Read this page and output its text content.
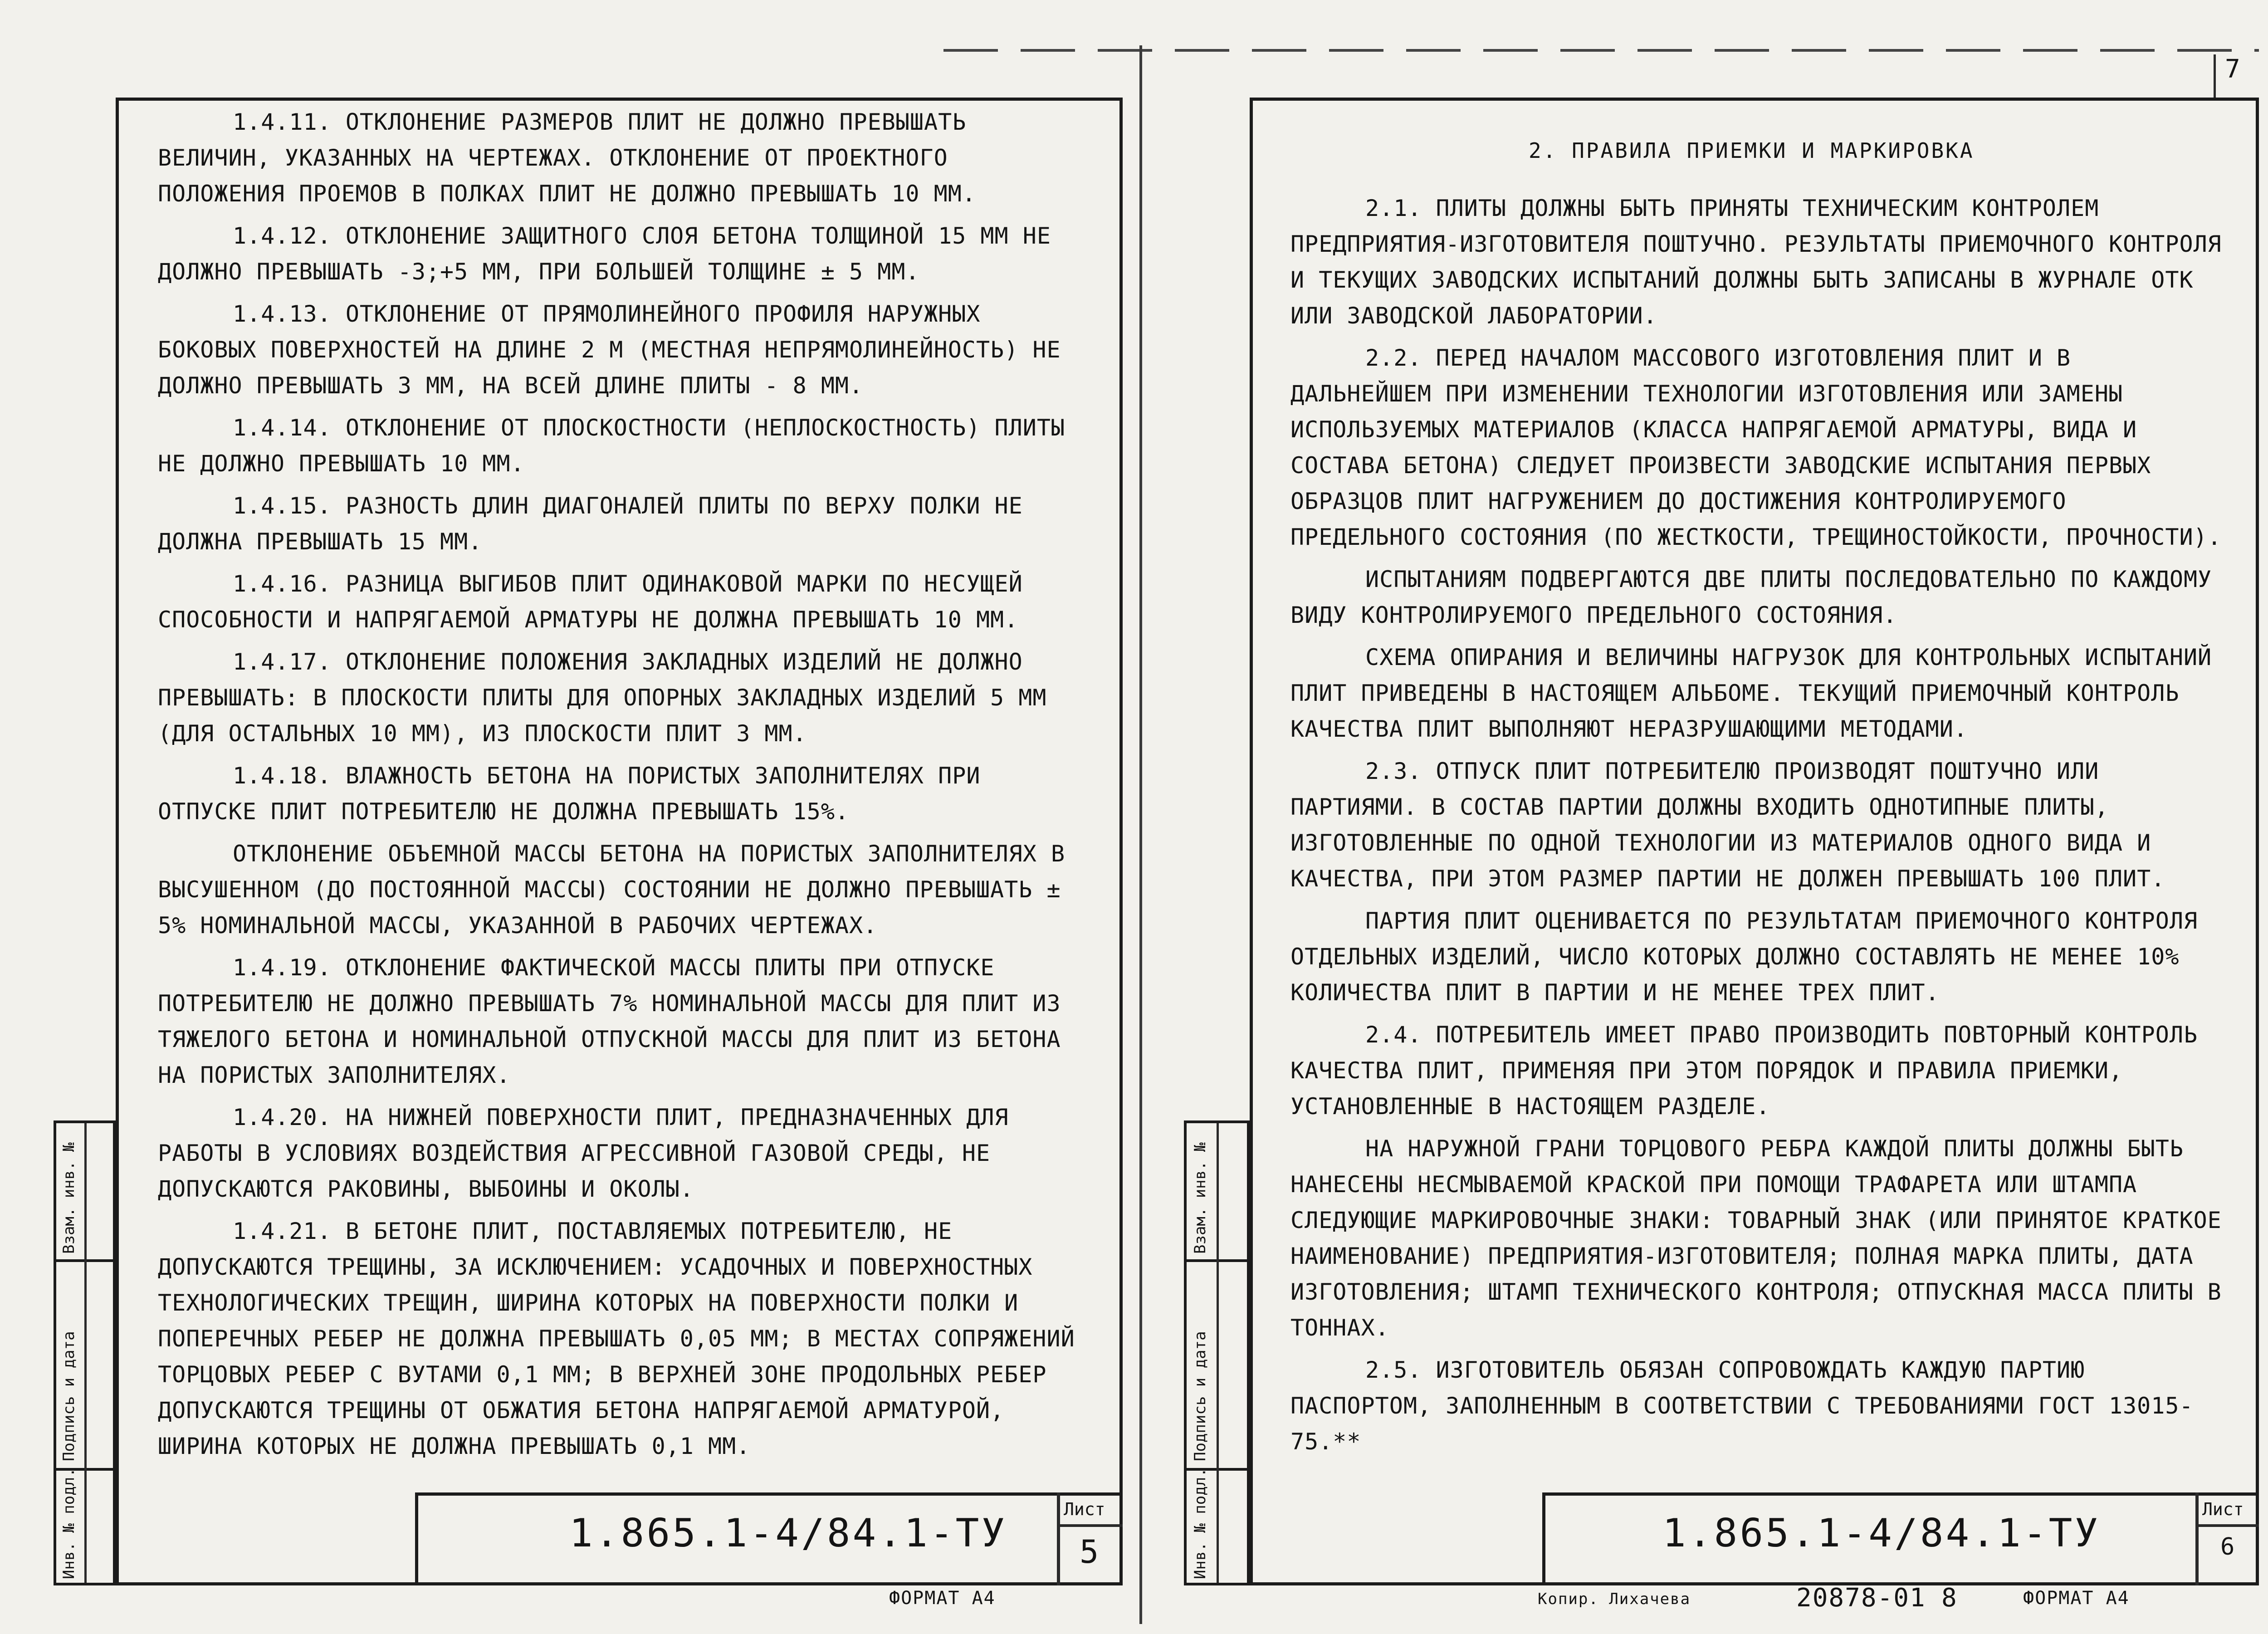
1.4.11. ОТКЛОНЕНИЕ РАЗМЕРОВ ПЛИТ НЕ ДОЛЖНО ПРЕВЫШАТЬ ВЕЛИЧИН, УКАЗАННЫХ НА ЧЕРТЕЖАХ. ОТКЛОНЕНИЕ ОТ ПРОЕКТНОГО ПОЛОЖЕНИЯ ПРОЕМОВ В ПОЛКАХ ПЛИТ НЕ ДОЛЖНО ПРЕВЫШАТЬ 10 ММ.

1.4.12. ОТКЛОНЕНИЕ ЗАЩИТНОГО СЛОЯ БЕТОНА ТОЛЩИНОЙ 15 ММ НЕ ДОЛЖНО ПРЕВЫШАТЬ -3;+5 ММ, ПРИ БОЛЬШЕЙ ТОЛЩИНЕ ± 5 ММ.

1.4.13. ОТКЛОНЕНИЕ ОТ ПРЯМОЛИНЕЙНОГО ПРОФИЛЯ НАРУЖНЫХ БОКОВЫХ ПОВЕРХНОСТЕЙ НА ДЛИНЕ 2 М (МЕСТНАЯ НЕПРЯМОЛИНЕЙНОСТЬ) НЕ ДОЛЖНО ПРЕВЫШАТЬ 3 ММ, НА ВСЕЙ ДЛИНЕ ПЛИТЫ - 8 ММ.

1.4.14. ОТКЛОНЕНИЕ ОТ ПЛОСКОСТНОСТИ (НЕПЛОСКОСТНОСТЬ) ПЛИТЫ НЕ ДОЛЖНО ПРЕВЫШАТЬ 10 ММ.

1.4.15. РАЗНОСТЬ ДЛИН ДИАГОНАЛЕЙ ПЛИТЫ ПО ВЕРХУ ПОЛКИ НЕ ДОЛЖНА ПРЕВЫШАТЬ 15 ММ.

1.4.16. РАЗНИЦА ВЫГИБОВ ПЛИТ ОДИНАКОВОЙ МАРКИ ПО НЕСУЩЕЙ СПОСОБНОСТИ И НАПРЯГАЕМОЙ АРМАТУРЫ НЕ ДОЛЖНА ПРЕВЫШАТЬ 10 ММ.

1.4.17. ОТКЛОНЕНИЕ ПОЛОЖЕНИЯ ЗАКЛАДНЫХ ИЗДЕЛИЙ НЕ ДОЛЖНО ПРЕВЫШАТЬ: В ПЛОСКОСТИ ПЛИТЫ ДЛЯ ОПОРНЫХ ЗАКЛАДНЫХ ИЗДЕЛИЙ 5 ММ (ДЛЯ ОСТАЛЬНЫХ 10 ММ), ИЗ ПЛОСКОСТИ ПЛИТ 3 ММ.

1.4.18. ВЛАЖНОСТЬ БЕТОНА НА ПОРИСТЫХ ЗАПОЛНИТЕЛЯХ ПРИ ОТПУСКЕ ПЛИТ ПОТРЕБИТЕЛЮ НЕ ДОЛЖНА ПРЕВЫШАТЬ 15%.

ОТКЛОНЕНИЕ ОБЪЕМНОЙ МАССЫ БЕТОНА НА ПОРИСТЫХ ЗАПОЛНИТЕЛЯХ В ВЫСУШЕННОМ (ДО ПОСТОЯННОЙ МАССЫ) СОСТОЯНИИ НЕ ДОЛЖНО ПРЕВЫШАТЬ ± 5% НОМИНАЛЬНОЙ МАССЫ, УКАЗАННОЙ В РАБОЧИХ ЧЕРТЕЖАХ.

1.4.19. ОТКЛОНЕНИЕ ФАКТИЧЕСКОЙ МАССЫ ПЛИТЫ ПРИ ОТПУСКЕ ПОТРЕБИТЕЛЮ НЕ ДОЛЖНО ПРЕВЫШАТЬ 7% НОМИНАЛЬНОЙ МАССЫ ДЛЯ ПЛИТ ИЗ ТЯЖЕЛОГО БЕТОНА И НОМИНАЛЬНОЙ ОТПУСКНОЙ МАССЫ ДЛЯ ПЛИТ ИЗ БЕТОНА НА ПОРИСТЫХ ЗАПОЛНИТЕЛЯХ.

1.4.20. НА НИЖНЕЙ ПОВЕРХНОСТИ ПЛИТ, ПРЕДНАЗНАЧЕННЫХ ДЛЯ РАБОТЫ В УСЛОВИЯХ ВОЗДЕЙСТВИЯ АГРЕССИВНОЙ ГАЗОВОЙ СРЕДЫ, НЕ ДОПУСКАЮТСЯ РАКОВИНЫ, ВЫБОИНЫ И ОКОЛЫ.

1.4.21. В БЕТОНЕ ПЛИТ, ПОСТАВЛЯЕМЫХ ПОТРЕБИТЕЛЮ, НЕ ДОПУСКАЮТСЯ ТРЕЩИНЫ, ЗА ИСКЛЮЧЕНИЕМ: УСАДОЧНЫХ И ПОВЕРХНОСТНЫХ ТЕХНОЛОГИЧЕСКИХ ТРЕЩИН, ШИРИНА КОТОРЫХ НА ПОВЕРХНОСТИ ПОЛКИ И ПОПЕРЕЧНЫХ РЕБЕР НЕ ДОЛЖНА ПРЕВЫШАТЬ 0,05 ММ; В МЕСТАХ СОПРЯЖЕНИЙ ТОРЦОВЫХ РЕБЕР С ВУТАМИ 0,1 ММ; В ВЕРХНЕЙ ЗОНЕ ПРОДОЛЬНЫХ РЕБЕР ДОПУСКАЮТСЯ ТРЕЩИНЫ ОТ ОБЖАТИЯ БЕТОНА НАПРЯГАЕМОЙ АРМАТУРОЙ, ШИРИНА КОТОРЫХ НЕ ДОЛЖНА ПРЕВЫШАТЬ 0,1 ММ.

Инв. № подл.
Подпись и дата
Взам. инв. №
1.865.1-4/84.1-ТУ
Лист
5
ФОРМАТ А4
7
2. ПРАВИЛА ПРИЕМКИ И МАРКИРОВКА

2.1. ПЛИТЫ ДОЛЖНЫ БЫТЬ ПРИНЯТЫ ТЕХНИЧЕСКИМ КОНТРОЛЕМ ПРЕДПРИЯТИЯ-ИЗГОТОВИТЕЛЯ ПОШТУЧНО. РЕЗУЛЬТАТЫ ПРИЕМОЧНОГО КОНТРОЛЯ И ТЕКУЩИХ ЗАВОДСКИХ ИСПЫТАНИЙ ДОЛЖНЫ БЫТЬ ЗАПИСАНЫ В ЖУРНАЛЕ ОТК ИЛИ ЗАВОДСКОЙ ЛАБОРАТОРИИ.

2.2. ПЕРЕД НАЧАЛОМ МАССОВОГО ИЗГОТОВЛЕНИЯ ПЛИТ И В ДАЛЬНЕЙШЕМ ПРИ ИЗМЕНЕНИИ ТЕХНОЛОГИИ ИЗГОТОВЛЕНИЯ ИЛИ ЗАМЕНЫ ИСПОЛЬЗУЕМЫХ МАТЕРИАЛОВ (КЛАССА НАПРЯГАЕМОЙ АРМАТУРЫ, ВИДА И СОСТАВА БЕТОНА) СЛЕДУЕТ ПРОИЗВЕСТИ ЗАВОДСКИЕ ИСПЫТАНИЯ ПЕРВЫХ ОБРАЗЦОВ ПЛИТ НАГРУЖЕНИЕМ ДО ДОСТИЖЕНИЯ КОНТРОЛИРУЕМОГО ПРЕДЕЛЬНОГО СОСТОЯНИЯ (ПО ЖЕСТКОСТИ, ТРЕЩИНОСТОЙКОСТИ, ПРОЧНОСТИ).

ИСПЫТАНИЯМ ПОДВЕРГАЮТСЯ ДВЕ ПЛИТЫ ПОСЛЕДОВАТЕЛЬНО ПО КАЖДОМУ ВИДУ КОНТРОЛИРУЕМОГО ПРЕДЕЛЬНОГО СОСТОЯНИЯ.

СХЕМА ОПИРАНИЯ И ВЕЛИЧИНЫ НАГРУЗОК ДЛЯ КОНТРОЛЬНЫХ ИСПЫТАНИЙ ПЛИТ ПРИВЕДЕНЫ В НАСТОЯЩЕМ АЛЬБОМЕ. ТЕКУЩИЙ ПРИЕМОЧНЫЙ КОНТРОЛЬ КАЧЕСТВА ПЛИТ ВЫПОЛНЯЮТ НЕРАЗРУШАЮЩИМИ МЕТОДАМИ.

2.3. ОТПУСК ПЛИТ ПОТРЕБИТЕЛЮ ПРОИЗВОДЯТ ПОШТУЧНО ИЛИ ПАРТИЯМИ. В СОСТАВ ПАРТИИ ДОЛЖНЫ ВХОДИТЬ ОДНОТИПНЫЕ ПЛИТЫ, ИЗГОТОВЛЕННЫЕ ПО ОДНОЙ ТЕХНОЛОГИИ ИЗ МАТЕРИАЛОВ ОДНОГО ВИДА И КАЧЕСТВА, ПРИ ЭТОМ РАЗМЕР ПАРТИИ НЕ ДОЛЖЕН ПРЕВЫШАТЬ 100 ПЛИТ.

ПАРТИЯ ПЛИТ ОЦЕНИВАЕТСЯ ПО РЕЗУЛЬТАТАМ ПРИЕМОЧНОГО КОНТРОЛЯ ОТДЕЛЬНЫХ ИЗДЕЛИЙ, ЧИСЛО КОТОРЫХ ДОЛЖНО СОСТАВЛЯТЬ НЕ МЕНЕЕ 10% КОЛИЧЕСТВА ПЛИТ В ПАРТИИ И НЕ МЕНЕЕ ТРЕХ ПЛИТ.

2.4. ПОТРЕБИТЕЛЬ ИМЕЕТ ПРАВО ПРОИЗВОДИТЬ ПОВТОРНЫЙ КОНТРОЛЬ КАЧЕСТВА ПЛИТ, ПРИМЕНЯЯ ПРИ ЭТОМ ПОРЯДОК И ПРАВИЛА ПРИЕМКИ, УСТАНОВЛЕННЫЕ В НАСТОЯЩЕМ РАЗДЕЛЕ.

НА НАРУЖНОЙ ГРАНИ ТОРЦОВОГО РЕБРА КАЖДОЙ ПЛИТЫ ДОЛЖНЫ БЫТЬ НАНЕСЕНЫ НЕСМЫВАЕМОЙ КРАСКОЙ ПРИ ПОМОЩИ ТРАФАРЕТА ИЛИ ШТАМПА СЛЕДУЮЩИЕ МАРКИРОВОЧНЫЕ ЗНАКИ: ТОВАРНЫЙ ЗНАК (ИЛИ ПРИНЯТОЕ КРАТКОЕ НАИМЕНОВАНИЕ) ПРЕДПРИЯТИЯ-ИЗГОТОВИТЕЛЯ; ПОЛНАЯ МАРКА ПЛИТЫ, ДАТА ИЗГОТОВЛЕНИЯ; ШТАМП ТЕХНИЧЕСКОГО КОНТРОЛЯ; ОТПУСКНАЯ МАССА ПЛИТЫ В ТОННАХ.

2.5. ИЗГОТОВИТЕЛЬ ОБЯЗАН СОПРОВОЖДАТЬ КАЖДУЮ ПАРТИЮ ПАСПОРТОМ, ЗАПОЛНЕННЫМ В СООТВЕТСТВИИ С ТРЕБОВАНИЯМИ ГОСТ 13015-75.**

Инв. № подл.
Подпись и дата
Взам. инв. №
1.865.1-4/84.1-ТУ
Лист
6
Копир. Лихачева	20878-01 8	ФОРМАТ А4
